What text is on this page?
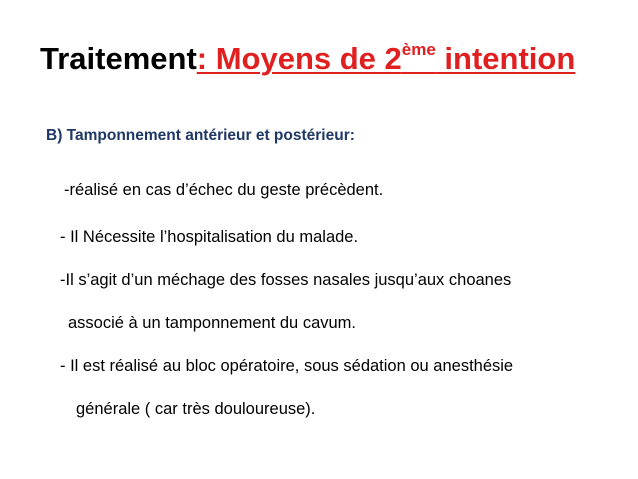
Traitement: Moyens de 2ème intention
B) Tamponnement antérieur et postérieur:
-réalisé en cas d’échec du geste précèdent.
- Il Nécessite l’hospitalisation du malade.
-Il s’agit d’un méchage des fosses nasales jusqu’aux choanes
associé à un tamponnement du cavum.
- Il est réalisé au bloc opératoire, sous sédation ou anesthésie
générale ( car très douloureuse).
